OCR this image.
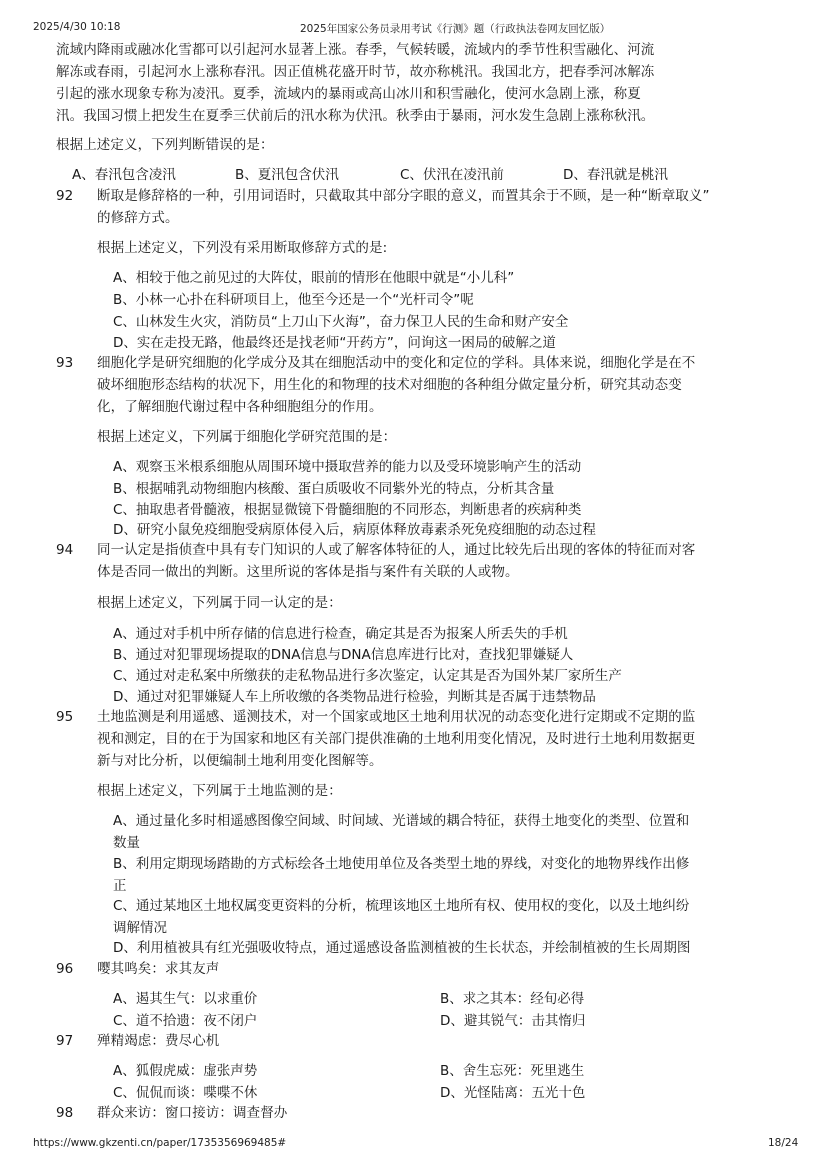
2025/4/30 10:18	2025年国家公务员录用考试《行测》题（行政执法卷网友回忆版）
流域内降雨或融冰化雪都可以引起河水显著上涨。春季，气候转暖，流域内的季节性积雪融化、河流
解冻或春雨，引起河水上涨称春汛。因正值桃花盛开时节，故亦称桃汛。我国北方，把春季河冰解冻
引起的涨水现象专称为凌汛。夏季，流域内的暴雨或高山冰川和积雪融化，使河水急剧上涨，称夏
汛。我国习惯上把发生在夏季三伏前后的汛水称为伏汛。秋季由于暴雨，河水发生急剧上涨称秋汛。
根据上述定义，下列判断错误的是：
A、春汛包含凌汛	B、夏汛包含伏汛	C、伏汛在凌汛前	D、春汛就是桃汛
92 断取是修辞格的一种，引用词语时，只截取其中部分字眼的意义，而置其余于不顾，是一种“断章取义”
的修辞方式。
根据上述定义，下列没有采用断取修辞方式的是:
A、相较于他之前见过的大阵仗，眼前的情形在他眼中就是“小儿科”
B、小林一心扑在科研项目上，他至今还是一个“光杆司令”呢
C、山林发生火灾，消防员“上刀山下火海”，奋力保卫人民的生命和财产安全
D、实在走投无路，他最终还是找老师“开药方”，问询这一困局的破解之道
93 细胞化学是研究细胞的化学成分及其在细胞活动中的变化和定位的学科。具体来说，细胞化学是在不
破坏细胞形态结构的状况下，用生化的和物理的技术对细胞的各种组分做定量分析，研究其动态变
化，了解细胞代谢过程中各种细胞组分的作用。
根据上述定义，下列属于细胞化学研究范围的是：
A、观察玉米根系细胞从周围环境中摄取营养的能力以及受环境影响产生的活动
B、根据哺乳动物细胞内核酸、蛋白质吸收不同紫外光的特点，分析其含量
C、抽取患者骨髓液，根据显微镜下骨髓细胞的不同形态，判断患者的疾病种类
D、研究小鼠免疫细胞受病原体侵入后，病原体释放毒素杀死免疫细胞的动态过程
94 同一认定是指侦查中具有专门知识的人或了解客体特征的人，通过比较先后出现的客体的特征而对客
体是否同一做出的判断。这里所说的客体是指与案件有关联的人或物。
根据上述定义，下列属于同一认定的是：
A、通过对手机中所存储的信息进行检查，确定其是否为报案人所丢失的手机
B、通过对犯罪现场提取的DNA信息与DNA信息库进行比对，查找犯罪嫌疑人
C、通过对走私案中所缴获的走私物品进行多次鉴定，认定其是否为国外某厂家所生产
D、通过对犯罪嫌疑人车上所收缴的各类物品进行检验，判断其是否属于违禁物品
95 土地监测是利用遥感、遥测技术，对一个国家或地区土地利用状况的动态变化进行定期或不定期的监
视和测定，目的在于为国家和地区有关部门提供准确的土地利用变化情况，及时进行土地利用数据更
新与对比分析，以便编制土地利用变化图解等。
根据上述定义，下列属于土地监测的是：
A、通过量化多时相遥感图像空间域、时间域、光谱域的耦合特征，获得土地变化的类型、位置和
数量
B、利用定期现场踏勘的方式标绘各土地使用单位及各类型土地的界线，对变化的地物界线作出修
正
C、通过某地区土地权属变更资料的分析，梳理该地区土地所有权、使用权的变化，以及土地纠纷
调解情况
D、利用植被具有红光强吸收特点，通过遥感设备监测植被的生长状态，并绘制植被的生长周期图
96 嘤其鸣矣：求其友声
A、遏其生气：以求重价	B、求之其本：经旬必得
C、道不拾遗：夜不闭户	D、避其锐气：击其惰归
97 殚精竭虑：费尽心机
A、狐假虎威：虚张声势	B、舍生忘死：死里逃生
C、侃侃而谈：喋喋不休	D、光怪陆离：五光十色
98 群众来访：窗口接访：调查督办
https://www.gkzenti.cn/paper/1735356969485#	18/24
